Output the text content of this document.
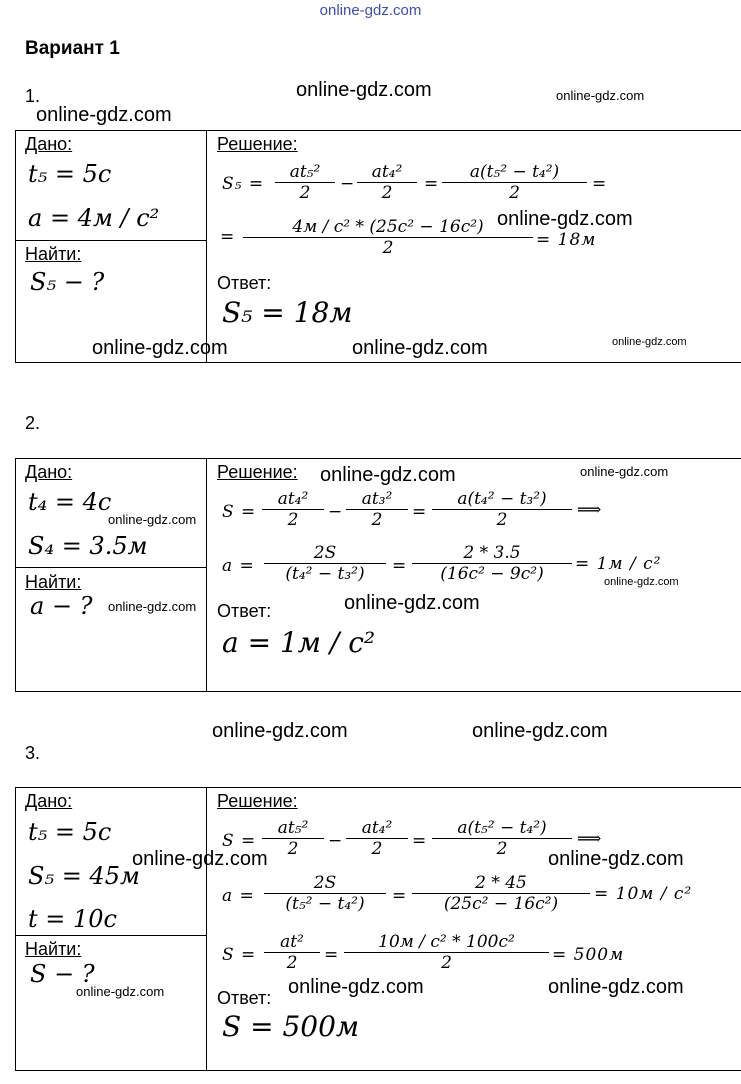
online-gdz.com
Вариант 1
1.
Дано:
t₅ = 5c
a = 4м / c²
Найти:
S₅ − ?
Решение:
S₅ =
at₅²
2	−
at₄²
2	=
a(t₅² − t₄²)
2	=
=	4м / c² * (25c² − 16c²)
2	= 18м
Ответ:
S₅ = 18м
2.
Дано:
t₄ = 4c
S₄ = 3.5м
Найти:
a − ?
Решение:
S =
at₄²
2	−
at₃²
2	=
a(t₄² − t₃²)
2	⟹
a =
2S
(t₄² − t₃²)	=
2 * 3.5
(16c² − 9c²)	= 1м / c²
Ответ:
a = 1м / c²
3.
Дано:
t₅ = 5c
S₅ = 45м
t = 10c
Найти:
S − ?
Решение:
S =
at₅²
2	−
at₄²
2	=
a(t₅² − t₄²)
2	⟹
a =
2S
(t₅² − t₄²)	=
2 * 45
(25c² − 16c²)	= 10м / c²
S =
at²
2	=
10м / c² * 100c²
2	= 500м
Ответ:
S = 500м
online-gdz.com	online-gdz.com
online-gdz.com
online-gdz.com
online-gdz.com	online-gdz.com	online-gdz.com
online-gdz.com	online-gdz.com
online-gdz.com
online-gdz.com
online-gdz.com	online-gdz.com
online-gdz.com	online-gdz.com
online-gdz.com	online-gdz.com
online-gdz.com	online-gdz.com
online-gdz.com
